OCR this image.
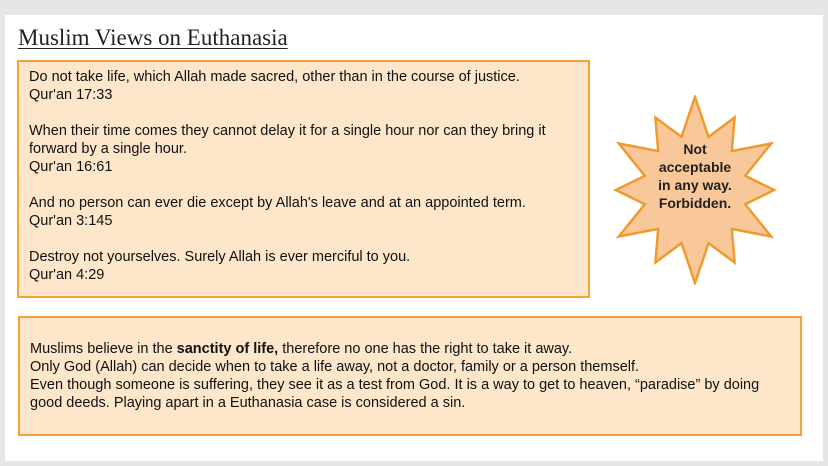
Muslim Views on Euthanasia
Do not take life, which Allah made sacred, other than in the course of justice.
Qur'an 17:33
When their time comes they cannot delay it for a single hour nor can they bring it forward by a single hour.
Qur'an 16:61
And no person can ever die except by Allah's leave and at an appointed term.
Qur'an 3:145
Destroy not yourselves. Surely Allah is ever merciful to you.
Qur'an 4:29
Not
acceptable
in any way.
Forbidden.

Muslims believe in the sanctity of life, therefore no one has the right to take it away.

Only God (Allah) can decide when to take a life away, not a doctor, family or a person themself.

Even though someone is suffering, they see it as a test from God. It is a way to get to heaven, “paradise” by doing good deeds. Playing apart in a Euthanasia case is considered a sin.
